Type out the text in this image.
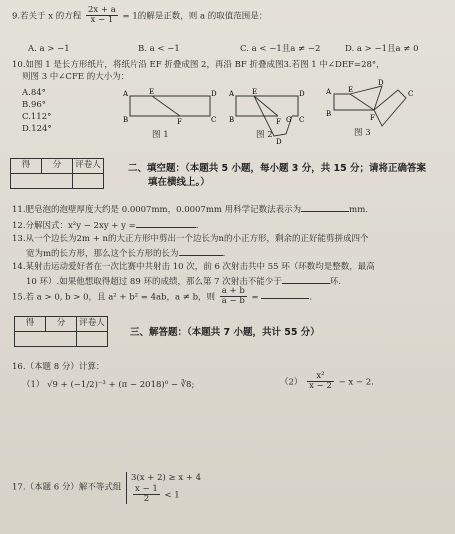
9.若关于 x 的方程 $\frac{2x + a}{x - 1} = 1$的解是正数，则 a 的取值范围是：
A. a > −1	B. a < −1	C. a < −1且a ≠ −2	D. a > −1且a ≠ 0
10.如图 1 是长方形纸片，将纸片沿 EF 折叠成图 2，再沿 BF 折叠成图3.若图 1 中∠DEF=28°，
则图 3 中∠CFE 的大小为：
A.84°
B.96°
C.112°
D.124°
A	E	D
B	F	C
图 1
A	E	D
B	F G C
D
图 2
A E
D
C
B	F
图 3
得	分	评卷人
		二、填空题：（本题共 5 小题，每小题 3 分，共 15 分；请将正确答案
填在横线上。）
11.肥皂泡的泡壁厚度大约是 0.0007mm，0.0007mm 用科学记数法表示为	mm.
12.分解因式：x²y − 2xy + y =	.
13.从一个边长为2m + n的大正方形中剪出一个边长为n的小正方形，剩余的正好能剪拼成四个
宽为m的长方形，那么这个长方形的长为	.
14.某射击运动爱好者在一次比赛中共射击 10 次，前 6 次射击共中 55 环（环数均是整数，最高
10 环）.如果他想取得超过 89 环的成绩，那么第 7 次射击不能少于	环.
15.若 a > 0, b > 0，且 a² + b² = 4ab，a ≠ b，则 $\frac{a + b}{a - b}$ =	.
得	分	评卷人

三、解答题：（本题共 7 小题，共计 55 分）
16.（本题 8 分）计算：
（1） √9 + (−1/2)⁻³ + (π − 2018)⁰ − ∛8;	$(2) \frac{\text{x²}}{x - 2} - x - 2$.
17.（本题 6 分）解不等式组
3(x + 2) ≥ x + 4
$\frac{x - 1}{2} < 1$
